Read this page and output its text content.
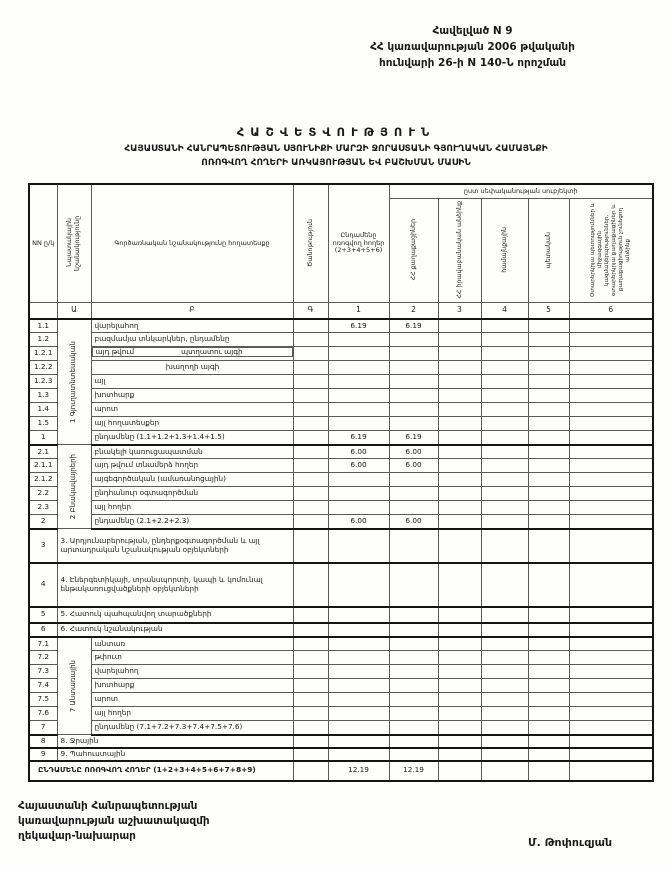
Հավելված N 9
ՀՀ կառավարության 2006 թվականի
հունվարի 26-ի N 140-Ն որոշման
ՀԱՇՎԵՏՎՈՒԹՅՈՒՆ
ՀԱՅԱՍՏԱՆԻ ՀԱՆՐԱՊԵՏՈՒԹՅԱՆ ՍՅՈՒՆԻՔԻ ՄԱՐԶԻ ՋՈՐԱՍՏԱՆԻ ԳՅՈՒՂԱԿԱՆ ՀԱՄԱՅՆՔԻ
ՈՌՈԳՎՈՂ ՀՈՂԵՐԻ ԱՌԿԱՅՈՒԹՅԱՆ ԵՎ ԲԱՇԽՄԱՆ ՄԱՍԻՆ
NN ը/կ	Նպատակային նշանակությունը	Գործառնական նշանակությունը հողատեսքը	Ծանոթություն	Ընդամենը ոռոգվող հողեր (2+3+4+5+6)	ըստ սեփականության սուբյեկտի				

					ՀՀ քաղաքացիներ	ՀՀ իրավաբանական անձինք	համայնքային	պետական	Օտարերկրյա պետություններ և միջազգային կազմակերպություններ, օտարերկրյա քաղաքացիներ և քաղաքացիություն չունեցող անձինք

	Ա	Բ	Գ	1	2	3	4	5	6
1.1	1 Գյուղատնտեսական	վարելահող		6.19	6.19				
1.2		բազմամյա տնկարկներ, ընդամենը							
1.2.1		այդ թվում	պտղատու այգի

1.2.2		խաղողի այգի							
1.2.3		այլ							
1.3		խոտհարք							
1.4		արոտ							
1.5		այլ հողատեսքեր							
1		ընդամենը (1.1+1.2+1.3+1.4+1.5)		6.19	6.19				
2.1	2 Բնակավայրերի	բնակելի կառուցապատման		6.00	6.00				
2.1.1		այդ թվում տնամերձ հողեր		6.00	6.00				
2.1.2		այգեգործական (ամառանոցային)							
2.2		ընդհանուր օգտագործման							
2.3		այլ հողեր							
2		ընդամենը (2.1+2.2+2.3)		6.00	6.00				
3	3. Արդյունաբերության, ընդերքօգտագործման և այլ արտադրական նշանակության օբյեկտների								
4	4. Էներգետիկայի, տրանսպորտի, կապի և կոմունալ ենթակառուցվածքների օբյեկտների								
5	5. Հատուկ պահպանվող տարածքների								
6	6. Հատուկ նշանակության								
7.1	7 Անտառային	անտառ							
7.2		թփուտ							
7.3		վարելահող							
7.4		խոտհարք							
7.5		արոտ							
7.6		այլ հողեր							
7		ընդամենը (7.1+7.2+7.3+7.4+7.5+7.6)							
8	8. Ջրային								
9	9. Պահուստային								
ԸՆԴԱՄԵՆԸ ՈՌՈԳՎՈՂ ՀՈՂԵՐ (1+2+3+4+5+6+7+8+9)				12.19	12.19				
Հայաստանի Հանրապետության
կառավարության աշխատակազմի
ղեկավար-նախարար	Մ. Թոփուզյան
